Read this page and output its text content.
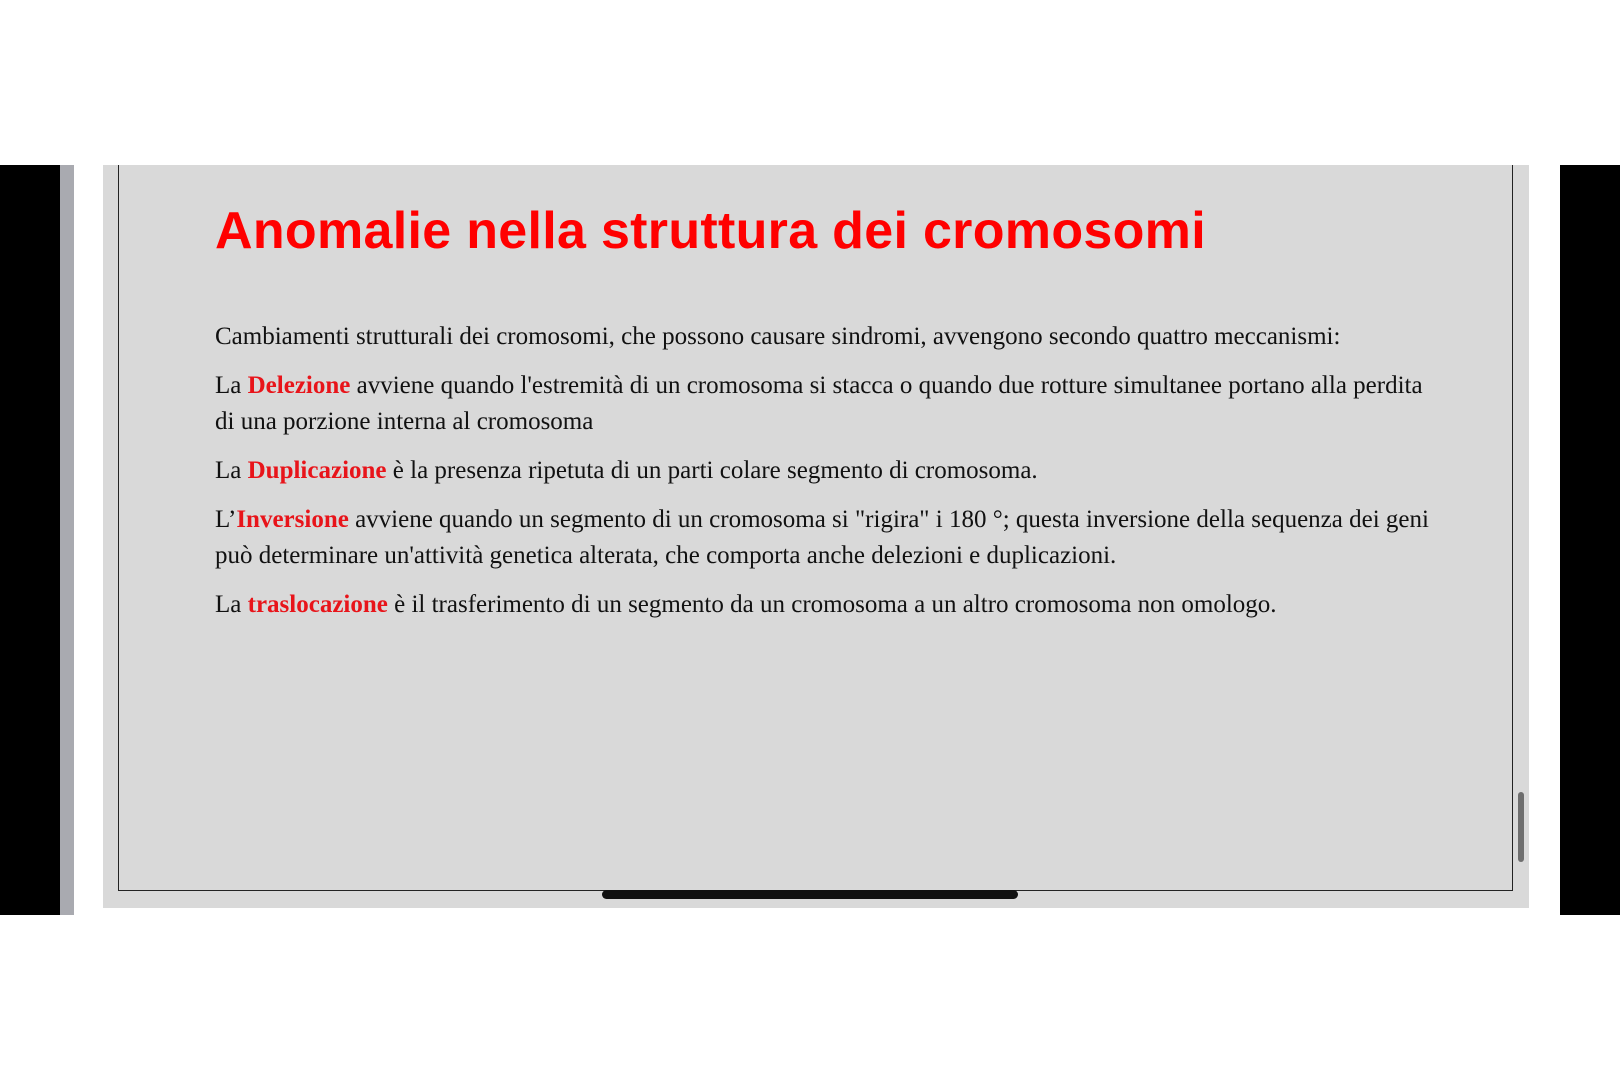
Anomalie nella struttura dei cromosomi

Cambiamenti strutturali dei cromosomi, che possono causare sindromi, avvengono secondo quattro meccanismi:

La Delezione avviene quando l'estremità di un cromosoma si stacca o quando due rotture simultanee portano alla perdita di una porzione interna al cromosoma

La Duplicazione è la presenza ripetuta di un parti colare segmento di cromosoma.

L’Inversione avviene quando un segmento di un cromosoma si "rigira" i 180 °; questa inversione della sequenza dei geni può determinare un'attività genetica alterata, che comporta anche delezioni e duplicazioni.

La traslocazione è il trasferimento di un segmento da un cromosoma a un altro cromosoma non omologo.
